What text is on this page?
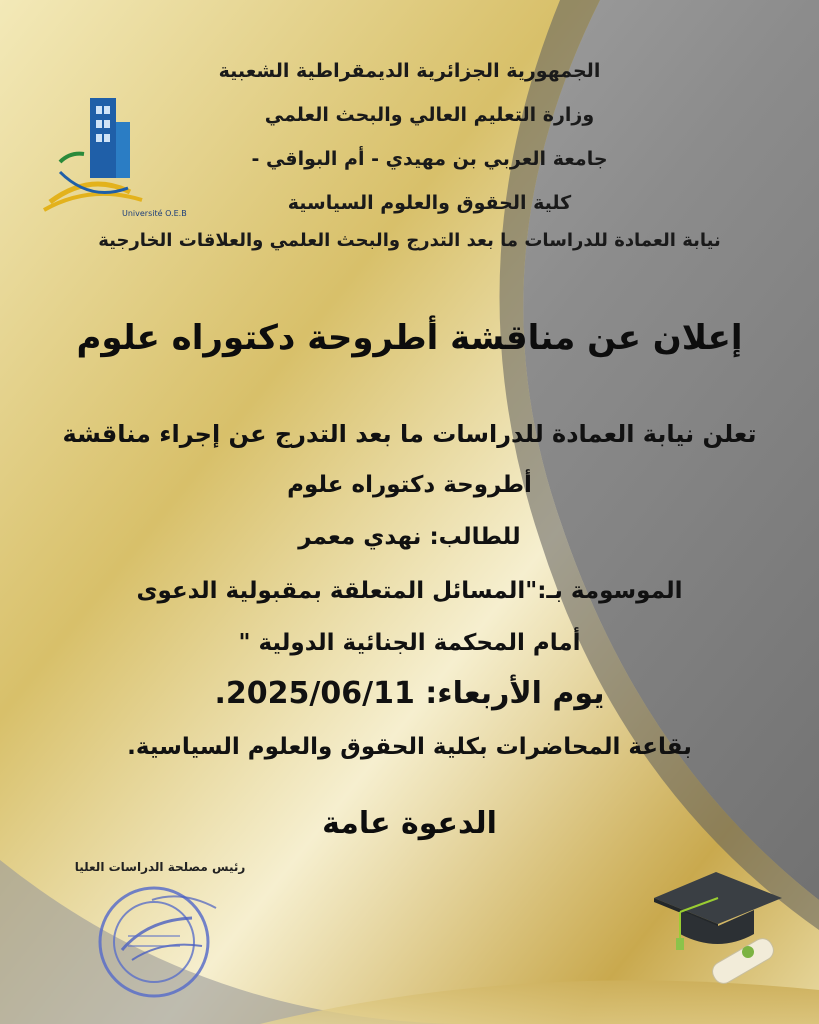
الجمهورية الجزائرية الديمقراطية الشعبية
وزارة التعليم العالي والبحث العلمي
جامعة العربي بن مهيدي - أم البواقي -
كلية الحقوق والعلوم السياسية
نيابة العمادة للدراسات ما بعد التدرج والبحث العلمي والعلاقات الخارجية
Université O.E.B
إعلان عن مناقشة أطروحة دكتوراه علوم
تعلن نيابة العمادة للدراسات ما بعد التدرج عن إجراء مناقشة
أطروحة دكتوراه علوم
للطالب: نهدي معمر
الموسومة بـ:"المسائل المتعلقة بمقبولية الدعوى
أمام المحكمة الجنائية الدولية "
يوم الأربعاء: 2025/06/11.
بقاعة المحاضرات بكلية الحقوق والعلوم السياسية.
الدعوة عامة
رئيس مصلحة الدراسات العليا
